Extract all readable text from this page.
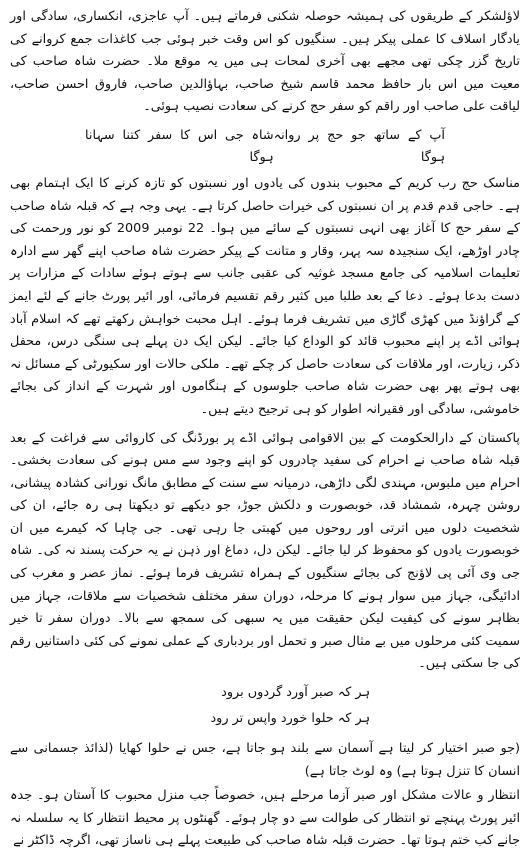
لاؤلشکر کے طریقوں کی ہمیشہ حوصلہ شکنی فرماتے ہیں۔ آپ عاجزی، انکساری، سادگی اور یادگار اسلاف کا عملی پیکر ہیں۔ سنگیوں کو اس وقت خبر ہوئی جب کاغذات جمع کروانے کی تاریخ گزر چکی تھی مجھے بھی آخری لمحات ہی میں یہ موقع ملا۔ حضرت شاہ صاحب کی معیت میں اس بار حافظ محمد قاسم شیخ صاحب، بہاؤالدین صاحب، فاروق احسن صاحب، لیاقت علی صاحب اور راقم کو سفر حج کرنے کی سعادت نصیب ہوئی۔

آپ کے ساتھ جو حج پر روانہ ہوگا
شاہ جی اس کا سفر کتنا سہانا ہوگا

مناسک حج رب کریم کے محبوب بندوں کی یادوں اور نسبتوں کو تازہ کرنے کا ایک اہتمام بھی ہے۔ حاجی قدم قدم پر ان نسبتوں کی خیرات حاصل کرتا ہے۔ یہی وجہ ہے کہ قبلہ شاہ صاحب کے سفر حج کا آغاز بھی انہی نسبتوں کے سائے میں ہوا۔ 22 نومبر 2009 کو نور ورحمت کی چادر اوڑھے، ایک سنجیدہ سہ پہر، وقار و متانت کے پیکر حضرت شاہ صاحب اپنے گھر سے ادارہ تعلیمات اسلامیہ کی جامع مسجد غوثیہ کی عقبی جانب سے ہوتے ہوئے سادات کے مزارات پر دست بدعا ہوئے۔ دعا کے بعد طلبا میں کثیر رقم تقسیم فرمائی، اور ائیر پورٹ جانے کے لئے ایمز کے گراؤنڈ میں کھڑی گاڑی میں تشریف فرما ہوئے۔ اہل محبت خواہش رکھتے تھے کہ اسلام آباد ہوائی اڈے پر اپنے محبوب قائد کو الوداع کیا جائے۔ لیکن ایک دن پہلے ہی سنگی درس، محفل ذکر، زیارت، اور ملاقات کی سعادت حاصل کر چکے تھے۔ ملکی حالات اور سکیورٹی کے مسائل نہ بھی ہوتے پھر بھی حضرت شاہ صاحب جلوسوں کے ہنگاموں اور شہرت کے انداز کی بجائے خاموشی، سادگی اور فقیرانہ اطوار کو ہی ترجیح دیتے ہیں۔

پاکستان کے دارالحکومت کے بین الاقوامی ہوائی اڈے پر بورڈنگ کی کاروائی سے فراغت کے بعد قبلہ شاہ صاحب نے احرام کی سفید چادروں کو اپنے وجود سے مس ہونے کی سعادت بخشی۔ احرام میں ملبوس، مہندی لگی داڑھی، درمیانہ سے سنت کے مطابق مانگ نورانی کشادہ پیشانی، روشن چہرہ، شمشاد قد، خوبصورت و دلکش جوڑ، جو دیکھے تو دیکھتا ہی رہ جائے، ان کی شخصیت دلوں میں اترتی اور روحوں میں کھبتی جا رہی تھی۔ جی چاہا کہ کیمرے میں ان خوبصورت یادوں کو محفوظ کر لیا جائے۔ لیکن دل، دماغ اور ذہن نے یہ حرکت پسند نہ کی۔ شاہ جی وی آئی پی لاؤنج کی بجائے سنگیوں کے ہمراہ تشریف فرما ہوئے۔ نماز عصر و مغرب کی ادائیگی، جہاز میں سوار ہونے کا مرحلہ، دوران سفر مختلف شخصیات سے ملاقات، جہاز میں بظاہر سونے کی کیفیت لیکن حقیقت میں یہ سبھی کی سمجھ سے بالا۔ دوران سفر تا خیر سمیت کئی مرحلوں میں بے مثال صبر و تحمل اور بردباری کے عملی نمونے کی کئی داستانیں رقم کی جا سکتی ہیں۔

ہر کہ صبر آورد گردوں برود
ہر کہ حلوا خورد واپس تر رود

(جو صبر اختیار کر لیتا ہے آسمان سے بلند ہو جاتا ہے، جس نے حلوا کھایا (لذائذ جسمانی سے انسان کا تنزل ہوتا ہے) وہ لوٹ جاتا ہے)

انتظار و عالات مشکل اور صبر آزما مرحلے ہیں، خصوصاً جب منزل محبوب کا آستان ہو۔ جدہ ائیر پورٹ پہنچے تو انتظار کی طوالت سے دو چار ہوئے۔ گھنٹوں پر محیط انتظار کا یہ سلسلہ نہ جانے کب ختم ہوتا تھا۔ حضرت قبلہ شاہ صاحب کی طبیعت پہلے ہی ناساز تھی، اگرچہ ڈاکٹر نے
